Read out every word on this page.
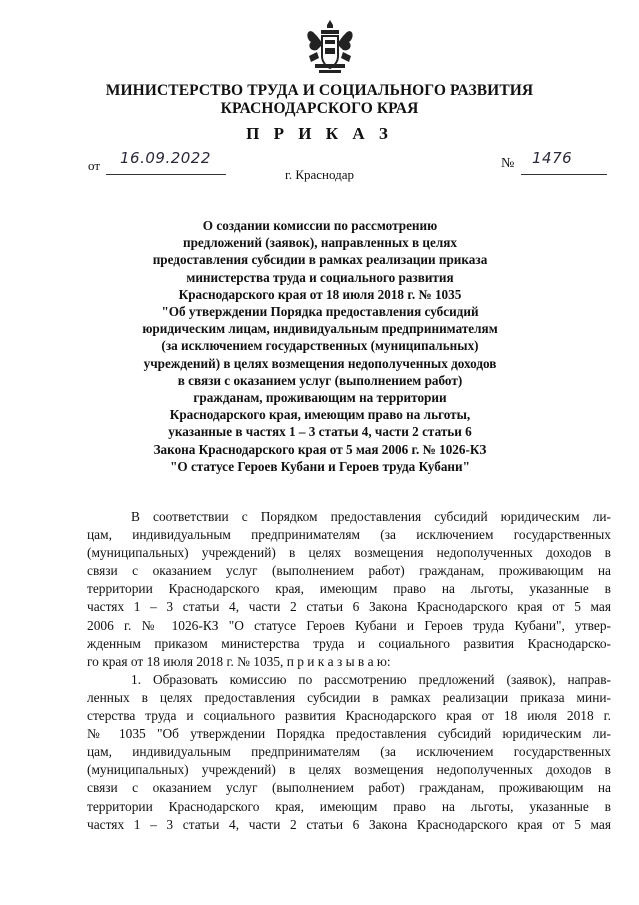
МИНИСТЕРСТВО ТРУДА И СОЦИАЛЬНОГО РАЗВИТИЯ
КРАСНОДАРСКОГО КРАЯ
П Р И К А З
от 16.09.2022	№ 1476
г. Краснодар
О создании комиссии по рассмотрению
предложений (заявок), направленных в целях
предоставления субсидии в рамках реализации приказа
министерства труда и социального развития
Краснодарского края от 18 июля 2018 г. № 1035
"Об утверждении Порядка предоставления субсидий
юридическим лицам, индивидуальным предпринимателям
(за исключением государственных (муниципальных)
учреждений) в целях возмещения недополученных доходов
в связи с оказанием услуг (выполнением работ)
гражданам, проживающим на территории
Краснодарского края, имеющим право на льготы,
указанные в частях 1 – 3 статьи 4, части 2 статьи 6
Закона Краснодарского края от 5 мая 2006 г. № 1026-КЗ
"О статусе Героев Кубани и Героев труда Кубани"
В соответствии с Порядком предоставления субсидий юридическим ли-
цам, индивидуальным предпринимателям (за исключением государственных
(муниципальных) учреждений) в целях возмещения недополученных доходов в
связи с оказанием услуг (выполнением работ) гражданам, проживающим на
территории Краснодарского края, имеющим право на льготы, указанные в
частях 1 – 3 статьи 4, части 2 статьи 6 Закона Краснодарского края от 5 мая
2006 г. № 1026-КЗ "О статусе Героев Кубани и Героев труда Кубани", утвер-
жденным приказом министерства труда и социального развития Краснодарско-
го края от 18 июля 2018 г. № 1035, п р и к а з ы в а ю:
1. Образовать комиссию по рассмотрению предложений (заявок), направ-
ленных в целях предоставления субсидии в рамках реализации приказа мини-
стерства труда и социального развития Краснодарского края от 18 июля 2018 г.
№ 1035 "Об утверждении Порядка предоставления субсидий юридическим ли-
цам, индивидуальным предпринимателям (за исключением государственных
(муниципальных) учреждений) в целях возмещения недополученных доходов в
связи с оказанием услуг (выполнением работ) гражданам, проживающим на
территории Краснодарского края, имеющим право на льготы, указанные в
частях 1 – 3 статьи 4, части 2 статьи 6 Закона Краснодарского края от 5 мая
